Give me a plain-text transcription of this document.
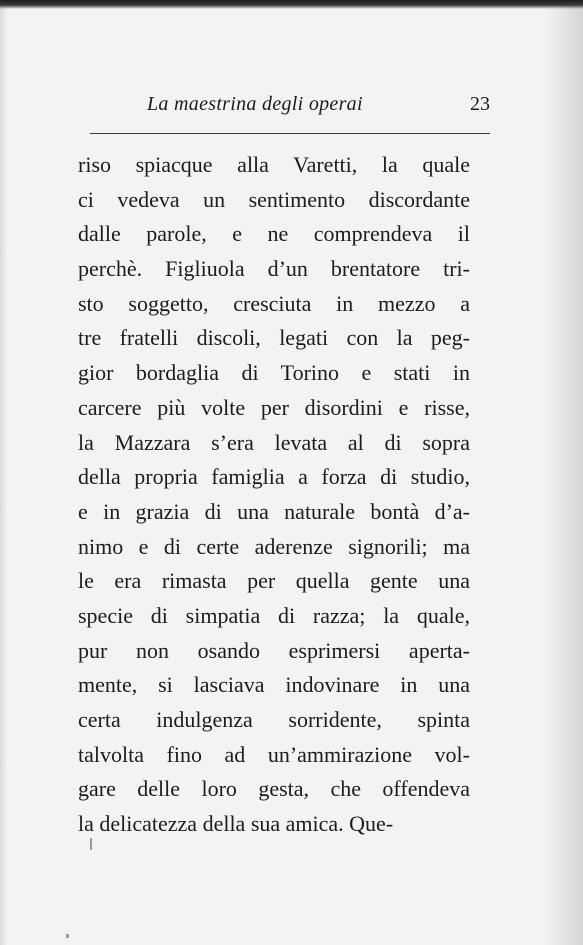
La maestrina degli operai	23
riso spiacque alla Varetti, la quale
ci vedeva un sentimento discordante
dalle parole, e ne comprendeva il
perchè. Figliuola d’un brentatore tri-
sto soggetto, cresciuta in mezzo a
tre fratelli discoli, legati con la peg-
gior bordaglia di Torino e stati in
carcere più volte per disordini e risse,
la Mazzara s’era levata al di sopra
della propria famiglia a forza di studio,
e in grazia di una naturale bontà d’a-
nimo e di certe aderenze signorili; ma
le era rimasta per quella gente una
specie di simpatia di razza; la quale,
pur non osando esprimersi aperta-
mente, si lasciava indovinare in una
certa indulgenza sorridente, spinta
talvolta fino ad un’ammirazione vol-
gare delle loro gesta, che offendeva
la delicatezza della sua amica. Que-
